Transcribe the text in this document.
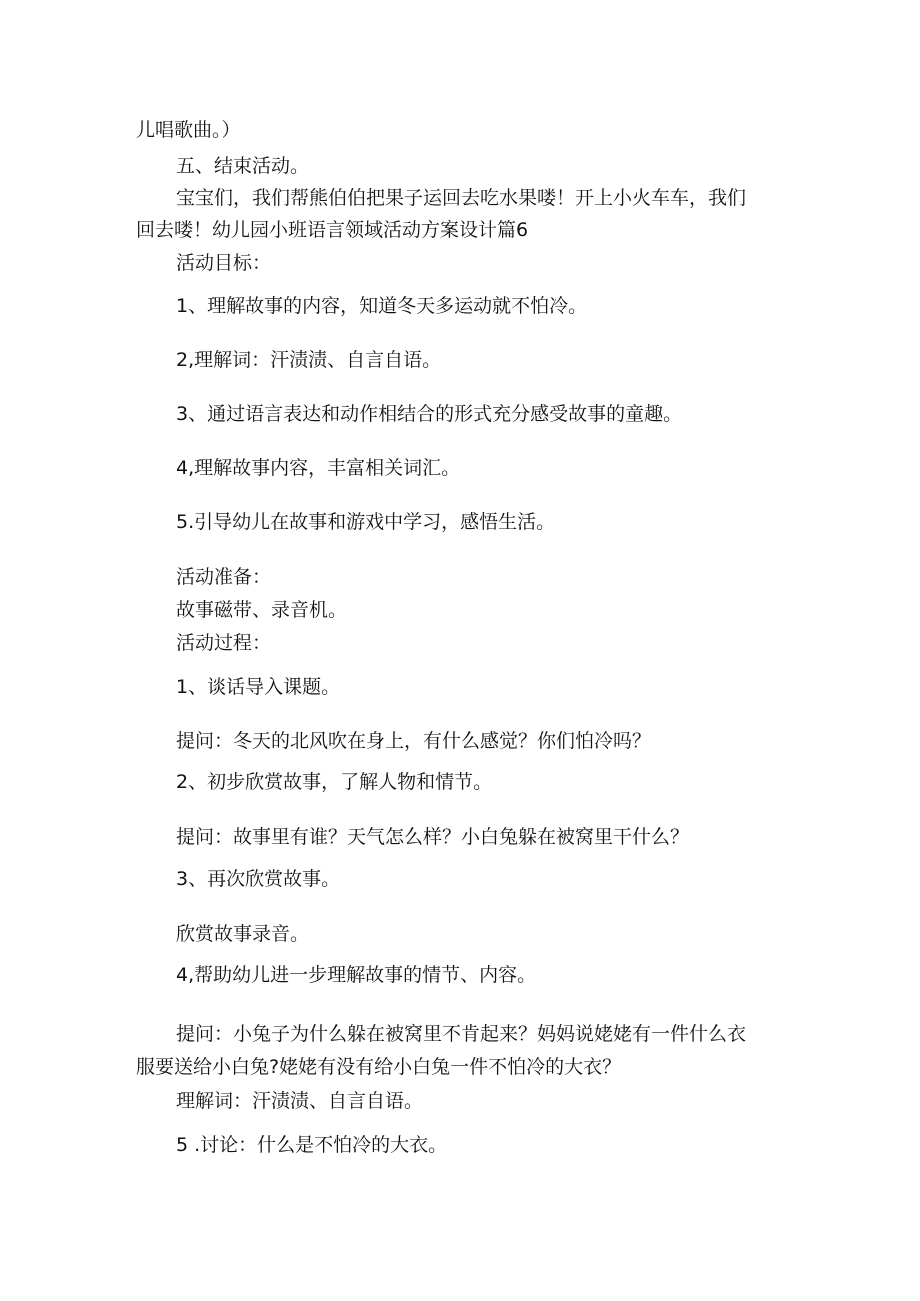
儿唱歌曲。）
五、结束活动。
宝宝们，我们帮熊伯伯把果子运回去吃水果喽！开上小火车车，我们
回去喽！幼儿园小班语言领域活动方案设计篇6
活动目标：
1、理解故事的内容，知道冬天多运动就不怕冷。
2,理解词：汗渍渍、自言自语。
3、通过语言表达和动作相结合的形式充分感受故事的童趣。
4,理解故事内容，丰富相关词汇。
5.引导幼儿在故事和游戏中学习，感悟生活。
活动准备：
故事磁带、录音机。
活动过程：
1、谈话导入课题。
提问：冬天的北风吹在身上，有什么感觉？你们怕冷吗？
2、初步欣赏故事，了解人物和情节。
提问：故事里有谁？天气怎么样？小白兔躲在被窝里干什么？
3、再次欣赏故事。
欣赏故事录音。
4,帮助幼儿进一步理解故事的情节、内容。
提问：小兔子为什么躲在被窝里不肯起来？妈妈说姥姥有一件什么衣
服要送给小白兔?姥姥有没有给小白兔一件不怕冷的大衣？
理解词：汗渍渍、自言自语。
5 .讨论：什么是不怕冷的大衣。
